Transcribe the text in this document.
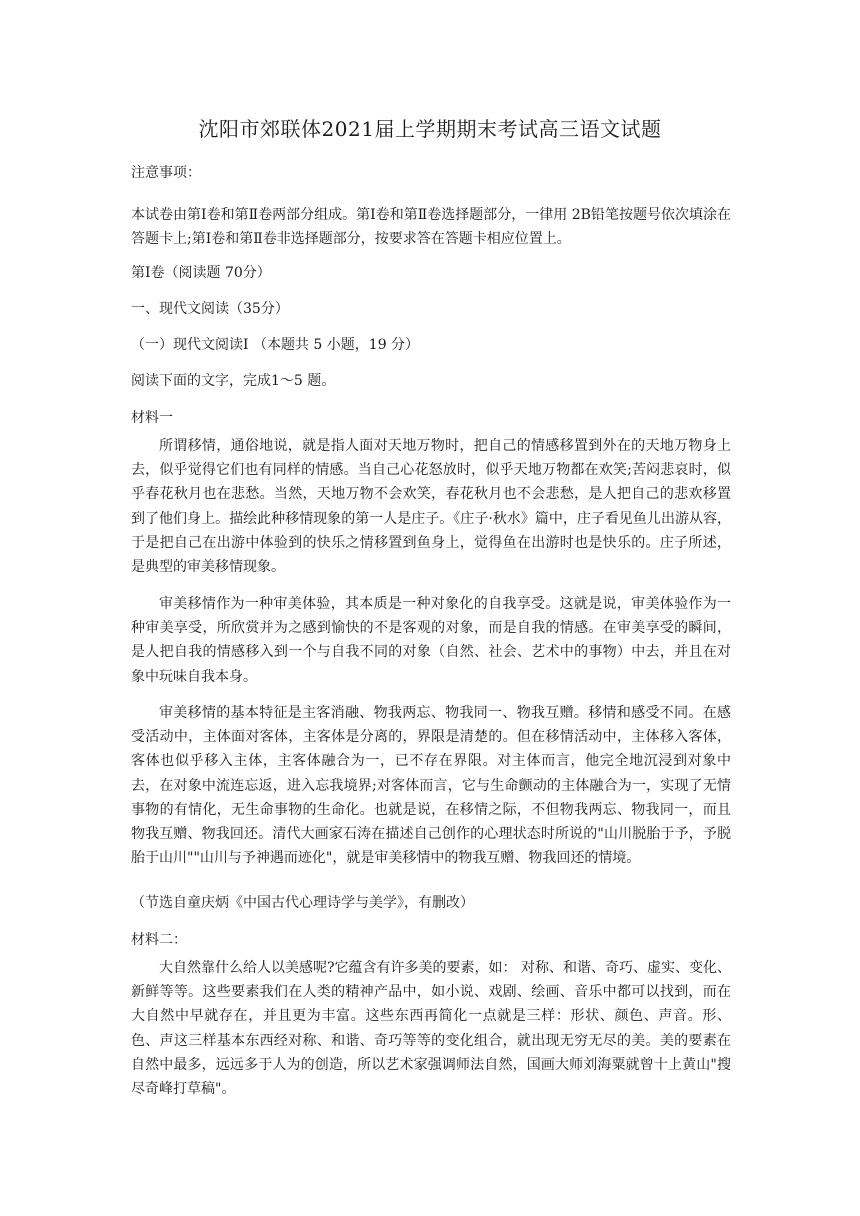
沈阳市郊联体2021届上学期期末考试高三语文试题
注意事项：

本试卷由第Ⅰ卷和第Ⅱ卷两部分组成。第Ⅰ卷和第Ⅱ卷选择题部分，一律用 2B铅笔按题号依次填涂在答题卡上;第Ⅰ卷和第Ⅱ卷非选择题部分，按要求答在答题卡相应位置上。

第Ⅰ卷（阅读题 70分）
一、现代文阅读（35分）
（一）现代文阅读Ⅰ （本题共 5 小题，19 分）
阅读下面的文字，完成1～5 题。
材料一

所谓移情，通俗地说，就是指人面对天地万物时，把自己的情感移置到外在的天地万物身上去，似乎觉得它们也有同样的情感。当自己心花怒放时，似乎天地万物都在欢笑;苦闷悲哀时，似乎春花秋月也在悲愁。当然，天地万物不会欢笑，春花秋月也不会悲愁，是人把自己的悲欢移置到了他们身上。描绘此种移情现象的第一人是庄子。《庄子·秋水》篇中，庄子看见鱼儿出游从容，于是把自己在出游中体验到的快乐之情移置到鱼身上，觉得鱼在出游时也是快乐的。庄子所述，是典型的审美移情现象。

审美移情作为一种审美体验，其本质是一种对象化的自我享受。这就是说，审美体验作为一种审美享受，所欣赏并为之感到愉快的不是客观的对象，而是自我的情感。在审美享受的瞬间，是人把自我的情感移入到一个与自我不同的对象（自然、社会、艺术中的事物）中去，并且在对象中玩味自我本身。

审美移情的基本特征是主客消融、物我两忘、物我同一、物我互赠。移情和感受不同。在感受活动中，主体面对客体，主客体是分离的，界限是清楚的。但在移情活动中，主体移入客体，客体也似乎移入主体，主客体融合为一，已不存在界限。对主体而言，他完全地沉浸到对象中去，在对象中流连忘返，进入忘我境界;对客体而言，它与生命颤动的主体融合为一，实现了无情事物的有情化，无生命事物的生命化。也就是说，在移情之际，不但物我两忘、物我同一，而且物我互赠、物我回还。清代大画家石涛在描述自己创作的心理状态时所说的"山川脱胎于予，予脱胎于山川""山川与予神遇而迹化"，就是审美移情中的物我互赠、物我回还的情境。

（节选自童庆炳《中国古代心理诗学与美学》，有删改）
材料二：

大自然靠什么给人以美感呢?它蕴含有许多美的要素，如： 对称、和谐、奇巧、虚实、变化、新鲜等等。这些要素我们在人类的精神产品中，如小说、戏剧、绘画、音乐中都可以找到，而在大自然中早就存在，并且更为丰富。这些东西再简化一点就是三样：形状、颜色、声音。形、色、声这三样基本东西经对称、和谐、奇巧等等的变化组合，就出现无穷无尽的美。美的要素在自然中最多，远远多于人为的创造，所以艺术家强调师法自然，国画大师刘海粟就曾十上黄山"搜尽奇峰打草稿"。
